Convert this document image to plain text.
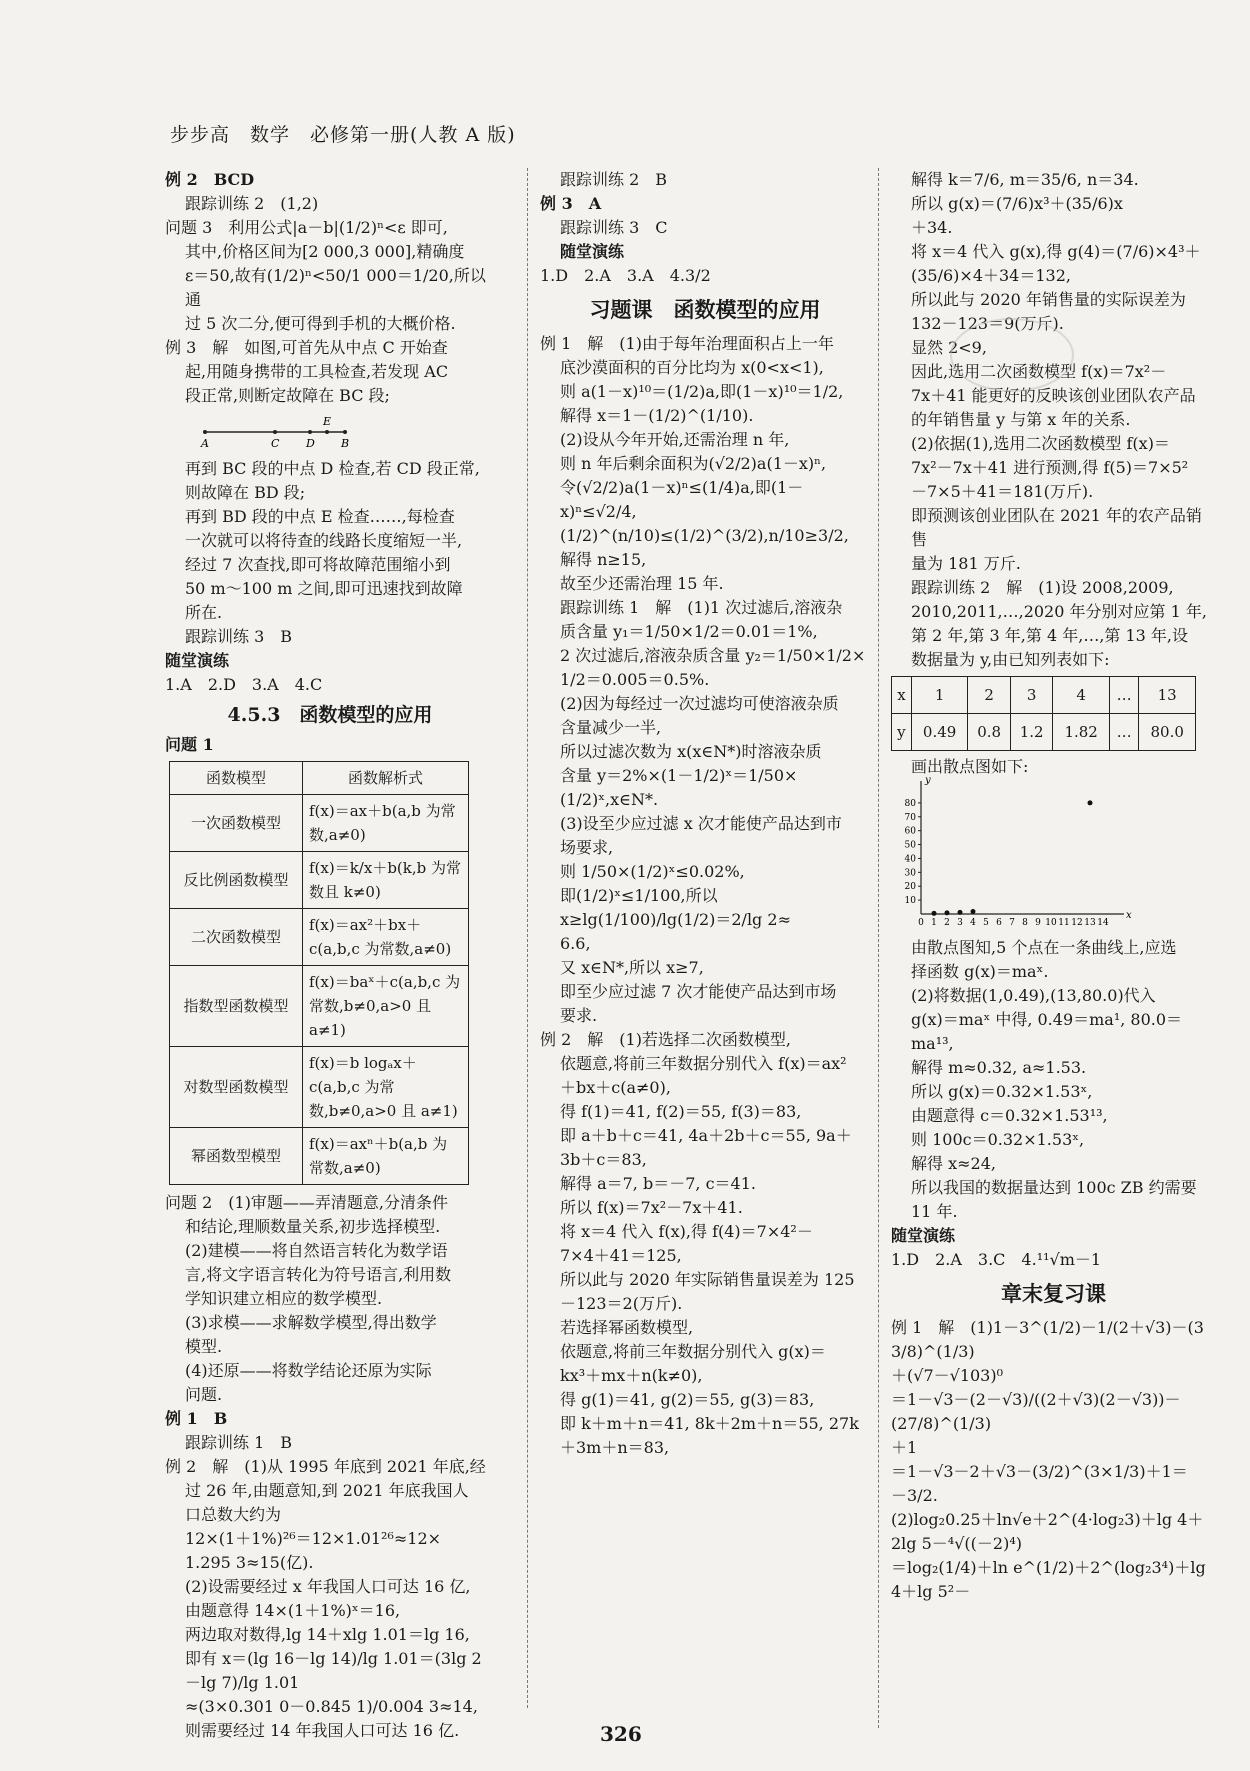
步步高　数学　必修第一册(人教 A 版)

例 2　BCD

跟踪训练 2　(1,2)

问题 3　利用公式|a－b|(1/2)ⁿ<ε 即可,

其中,价格区间为[2 000,3 000],精确度

ε＝50,故有(1/2)ⁿ<50/1 000＝1/20,所以通

过 5 次二分,便可得到手机的大概价格.

例 3　解　如图,可首先从中点 C 开始查

起,用随身携带的工具检查,若发现 AC

段正常,则断定故障在 BC 段;

A	C D B
E

再到 BC 段的中点 D 检查,若 CD 段正常,

则故障在 BD 段;

再到 BD 段的中点 E 检查……,每检查

一次就可以将待查的线路长度缩短一半,

经过 7 次查找,即可将故障范围缩小到

50 m～100 m 之间,即可迅速找到故障

所在.

跟踪训练 3　B

随堂演练

1.A　2.D　3.A　4.C

4.5.3　函数模型的应用

问题 1

函数模型	函数解析式
一次函数模型	f(x)＝ax＋b(a,b 为常数,a≠0)
反比例函数模型	f(x)＝k/x＋b(k,b 为常数且 k≠0)
二次函数模型	f(x)＝ax²＋bx＋c(a,b,c 为常数,a≠0)
指数型函数模型	f(x)＝baˣ＋c(a,b,c 为常数,b≠0,a>0 且 a≠1)
对数型函数模型	f(x)＝b logₐx＋c(a,b,c 为常数,b≠0,a>0 且 a≠1)
幂函数型模型	f(x)＝axⁿ＋b(a,b 为常数,a≠0)

问题 2　(1)审题——弄清题意,分清条件

和结论,理顺数量关系,初步选择模型.

(2)建模——将自然语言转化为数学语

言,将文字语言转化为符号语言,利用数

学知识建立相应的数学模型.

(3)求模——求解数学模型,得出数学

模型.

(4)还原——将数学结论还原为实际

问题.

例 1　B

跟踪训练 1　B

例 2　解　(1)从 1995 年底到 2021 年底,经

过 26 年,由题意知,到 2021 年底我国人

口总数大约为

12×(1＋1%)²⁶＝12×1.01²⁶≈12×

1.295 3≈15(亿).

(2)设需要经过 x 年我国人口可达 16 亿,

由题意得 14×(1＋1%)ˣ＝16,

两边取对数得,lg 14＋xlg 1.01＝lg 16,

即有 x＝(lg 16－lg 14)/lg 1.01＝(3lg 2－lg 7)/lg 1.01

≈(3×0.301 0－0.845 1)/0.004 3≈14,

则需要经过 14 年我国人口可达 16 亿.

跟踪训练 2　B

例 3　A

跟踪训练 3　C

随堂演练

1.D　2.A　3.A　4.3/2

习题课　函数模型的应用

例 1　解　(1)由于每年治理面积占上一年

底沙漠面积的百分比均为 x(0<x<1),

则 a(1－x)¹⁰＝(1/2)a,即(1－x)¹⁰＝1/2,

解得 x＝1－(1/2)^(1/10).

(2)设从今年开始,还需治理 n 年,

则 n 年后剩余面积为(√2/2)a(1－x)ⁿ,

令(√2/2)a(1－x)ⁿ≤(1/4)a,即(1－x)ⁿ≤√2/4,

(1/2)^(n/10)≤(1/2)^(3/2),n/10≥3/2,

解得 n≥15,

故至少还需治理 15 年.

跟踪训练 1　解　(1)1 次过滤后,溶液杂

质含量 y₁＝1/50×1/2＝0.01＝1%,

2 次过滤后,溶液杂质含量 y₂＝1/50×1/2×

1/2＝0.005＝0.5%.

(2)因为每经过一次过滤均可使溶液杂质

含量减少一半,

所以过滤次数为 x(x∈N*)时溶液杂质

含量 y＝2%×(1－1/2)ˣ＝1/50×

(1/2)ˣ,x∈N*.

(3)设至少应过滤 x 次才能使产品达到市

场要求,

则 1/50×(1/2)ˣ≤0.02%,

即(1/2)ˣ≤1/100,所以 x≥lg(1/100)/lg(1/2)＝2/lg 2≈

6.6,

又 x∈N*,所以 x≥7,

即至少应过滤 7 次才能使产品达到市场

要求.

例 2　解　(1)若选择二次函数模型,

依题意,将前三年数据分别代入 f(x)＝ax²

＋bx＋c(a≠0),

得 f(1)＝41, f(2)＝55, f(3)＝83,

即 a＋b＋c＝41, 4a＋2b＋c＝55, 9a＋3b＋c＝83,

解得 a＝7, b＝－7, c＝41.

所以 f(x)＝7x²－7x＋41.

将 x＝4 代入 f(x),得 f(4)＝7×4²－

7×4＋41＝125,

所以此与 2020 年实际销售量误差为 125

－123＝2(万斤).

若选择幂函数模型,

依题意,将前三年数据分别代入 g(x)＝

kx³＋mx＋n(k≠0),

得 g(1)＝41, g(2)＝55, g(3)＝83,

即 k＋m＋n＝41, 8k＋2m＋n＝55, 27k＋3m＋n＝83,

解得 k＝7/6, m＝35/6, n＝34.

所以 g(x)＝(7/6)x³＋(35/6)x

＋34.

将 x＝4 代入 g(x),得 g(4)＝(7/6)×4³＋

(35/6)×4＋34＝132,

所以此与 2020 年销售量的实际误差为

132－123＝9(万斤).

显然 2<9,

因此,选用二次函数模型 f(x)＝7x²－

7x＋41 能更好的反映该创业团队农产品

的年销售量 y 与第 x 年的关系.

(2)依据(1),选用二次函数模型 f(x)＝

7x²－7x＋41 进行预测,得 f(5)＝7×5²

－7×5＋41＝181(万斤).

即预测该创业团队在 2021 年的农产品销售

量为 181 万斤.

跟踪训练 2　解　(1)设 2008,2009,

2010,2011,…,2020 年分别对应第 1 年,

第 2 年,第 3 年,第 4 年,…,第 13 年,设

数据量为 y,由已知列表如下:

x	1	2	3	4	…	13
y	0.49	0.8	1.2	1.82	…	80.0

画出散点图如下:

10
20
30
40
50
60
70
80
0 1 2 3 4 5 6 7 8 9 10 11 12 13 14
x
y

由散点图知,5 个点在一条曲线上,应选

择函数 g(x)＝maˣ.

(2)将数据(1,0.49),(13,80.0)代入

g(x)＝maˣ 中得, 0.49＝ma¹, 80.0＝ma¹³,

解得 m≈0.32, a≈1.53.

所以 g(x)＝0.32×1.53ˣ,

由题意得 c＝0.32×1.53¹³,

则 100c＝0.32×1.53ˣ,

解得 x≈24,

所以我国的数据量达到 100c ZB 约需要

11 年.

随堂演练

1.D　2.A　3.C　4.¹¹√m－1

章末复习课

例 1　解　(1)1－3^(1/2)－1/(2＋√3)－(3 3/8)^(1/3)

＋(√7－√103)⁰

＝1－√3－(2－√3)/((2＋√3)(2－√3))－(27/8)^(1/3)

＋1

＝1－√3－2＋√3－(3/2)^(3×1/3)＋1＝

－3/2.

(2)log₂0.25＋ln√e＋2^(4·log₂3)＋lg 4＋

2lg 5－⁴√((－2)⁴)

＝log₂(1/4)＋ln e^(1/2)＋2^(log₂3⁴)＋lg 4＋lg 5²－

326
